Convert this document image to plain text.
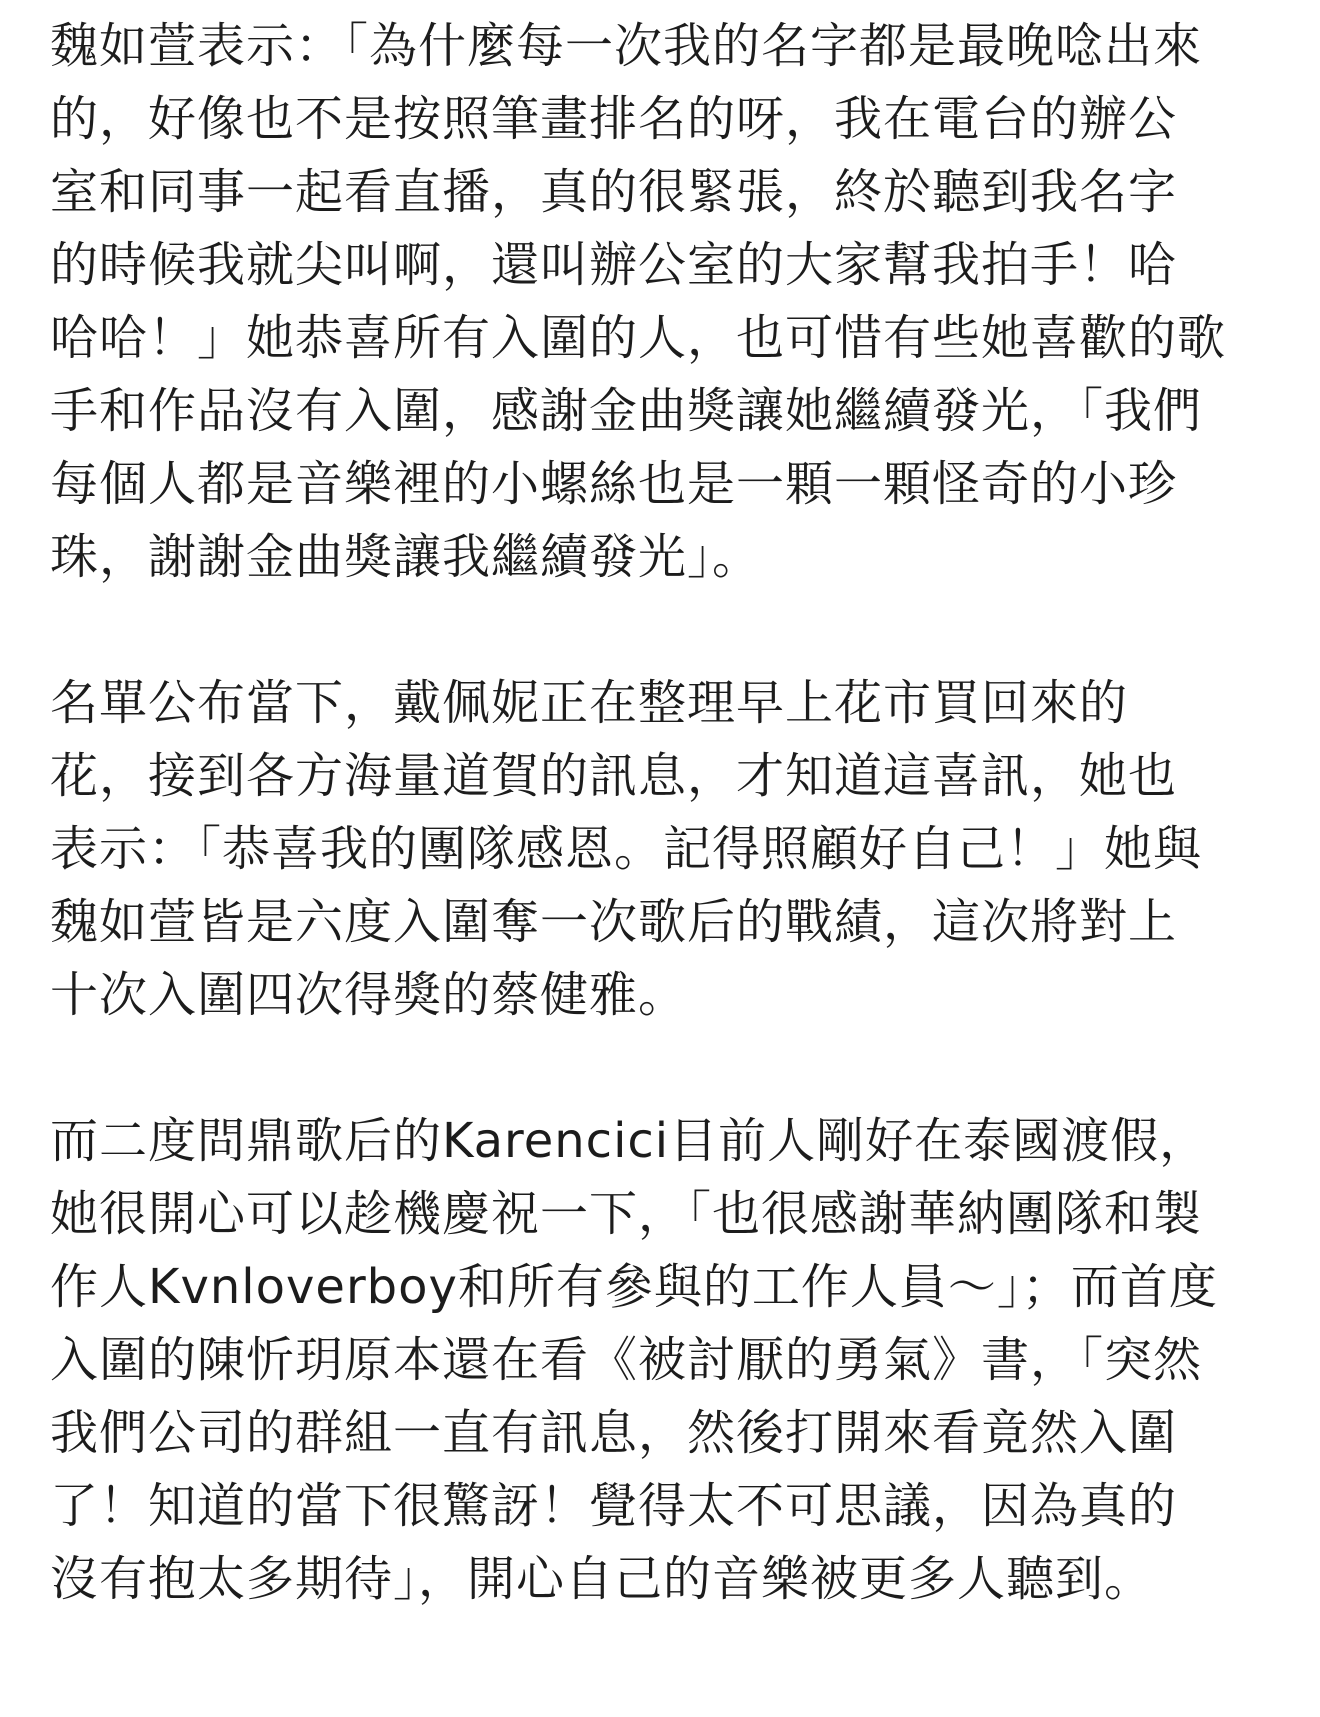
魏如萱表示：「為什麼每一次我的名字都是最晚唸出來
的，好像也不是按照筆畫排名的呀，我在電台的辦公
室和同事一起看直播，真的很緊張，終於聽到我名字
的時候我就尖叫啊，還叫辦公室的大家幫我拍手！哈
哈哈！」她恭喜所有入圍的人，也可惜有些她喜歡的歌
手和作品沒有入圍，感謝金曲獎讓她繼續發光，「我們
每個人都是音樂裡的小螺絲也是一顆一顆怪奇的小珍
珠，謝謝金曲獎讓我繼續發光」。
名單公布當下，戴佩妮正在整理早上花市買回來的
花，接到各方海量道賀的訊息，才知道這喜訊，她也
表示：「恭喜我的團隊感恩。記得照顧好自己！」她與
魏如萱皆是六度入圍奪一次歌后的戰績，這次將對上
十次入圍四次得獎的蔡健雅。
而二度問鼎歌后的Karencici目前人剛好在泰國渡假，
她很開心可以趁機慶祝一下，「也很感謝華納團隊和製
作人Kvnloverboy和所有參與的工作人員～」；而首度
入圍的陳忻玥原本還在看《被討厭的勇氣》書，「突然
我們公司的群組一直有訊息，然後打開來看竟然入圍
了！知道的當下很驚訝！覺得太不可思議，因為真的
沒有抱太多期待」，開心自己的音樂被更多人聽到。
